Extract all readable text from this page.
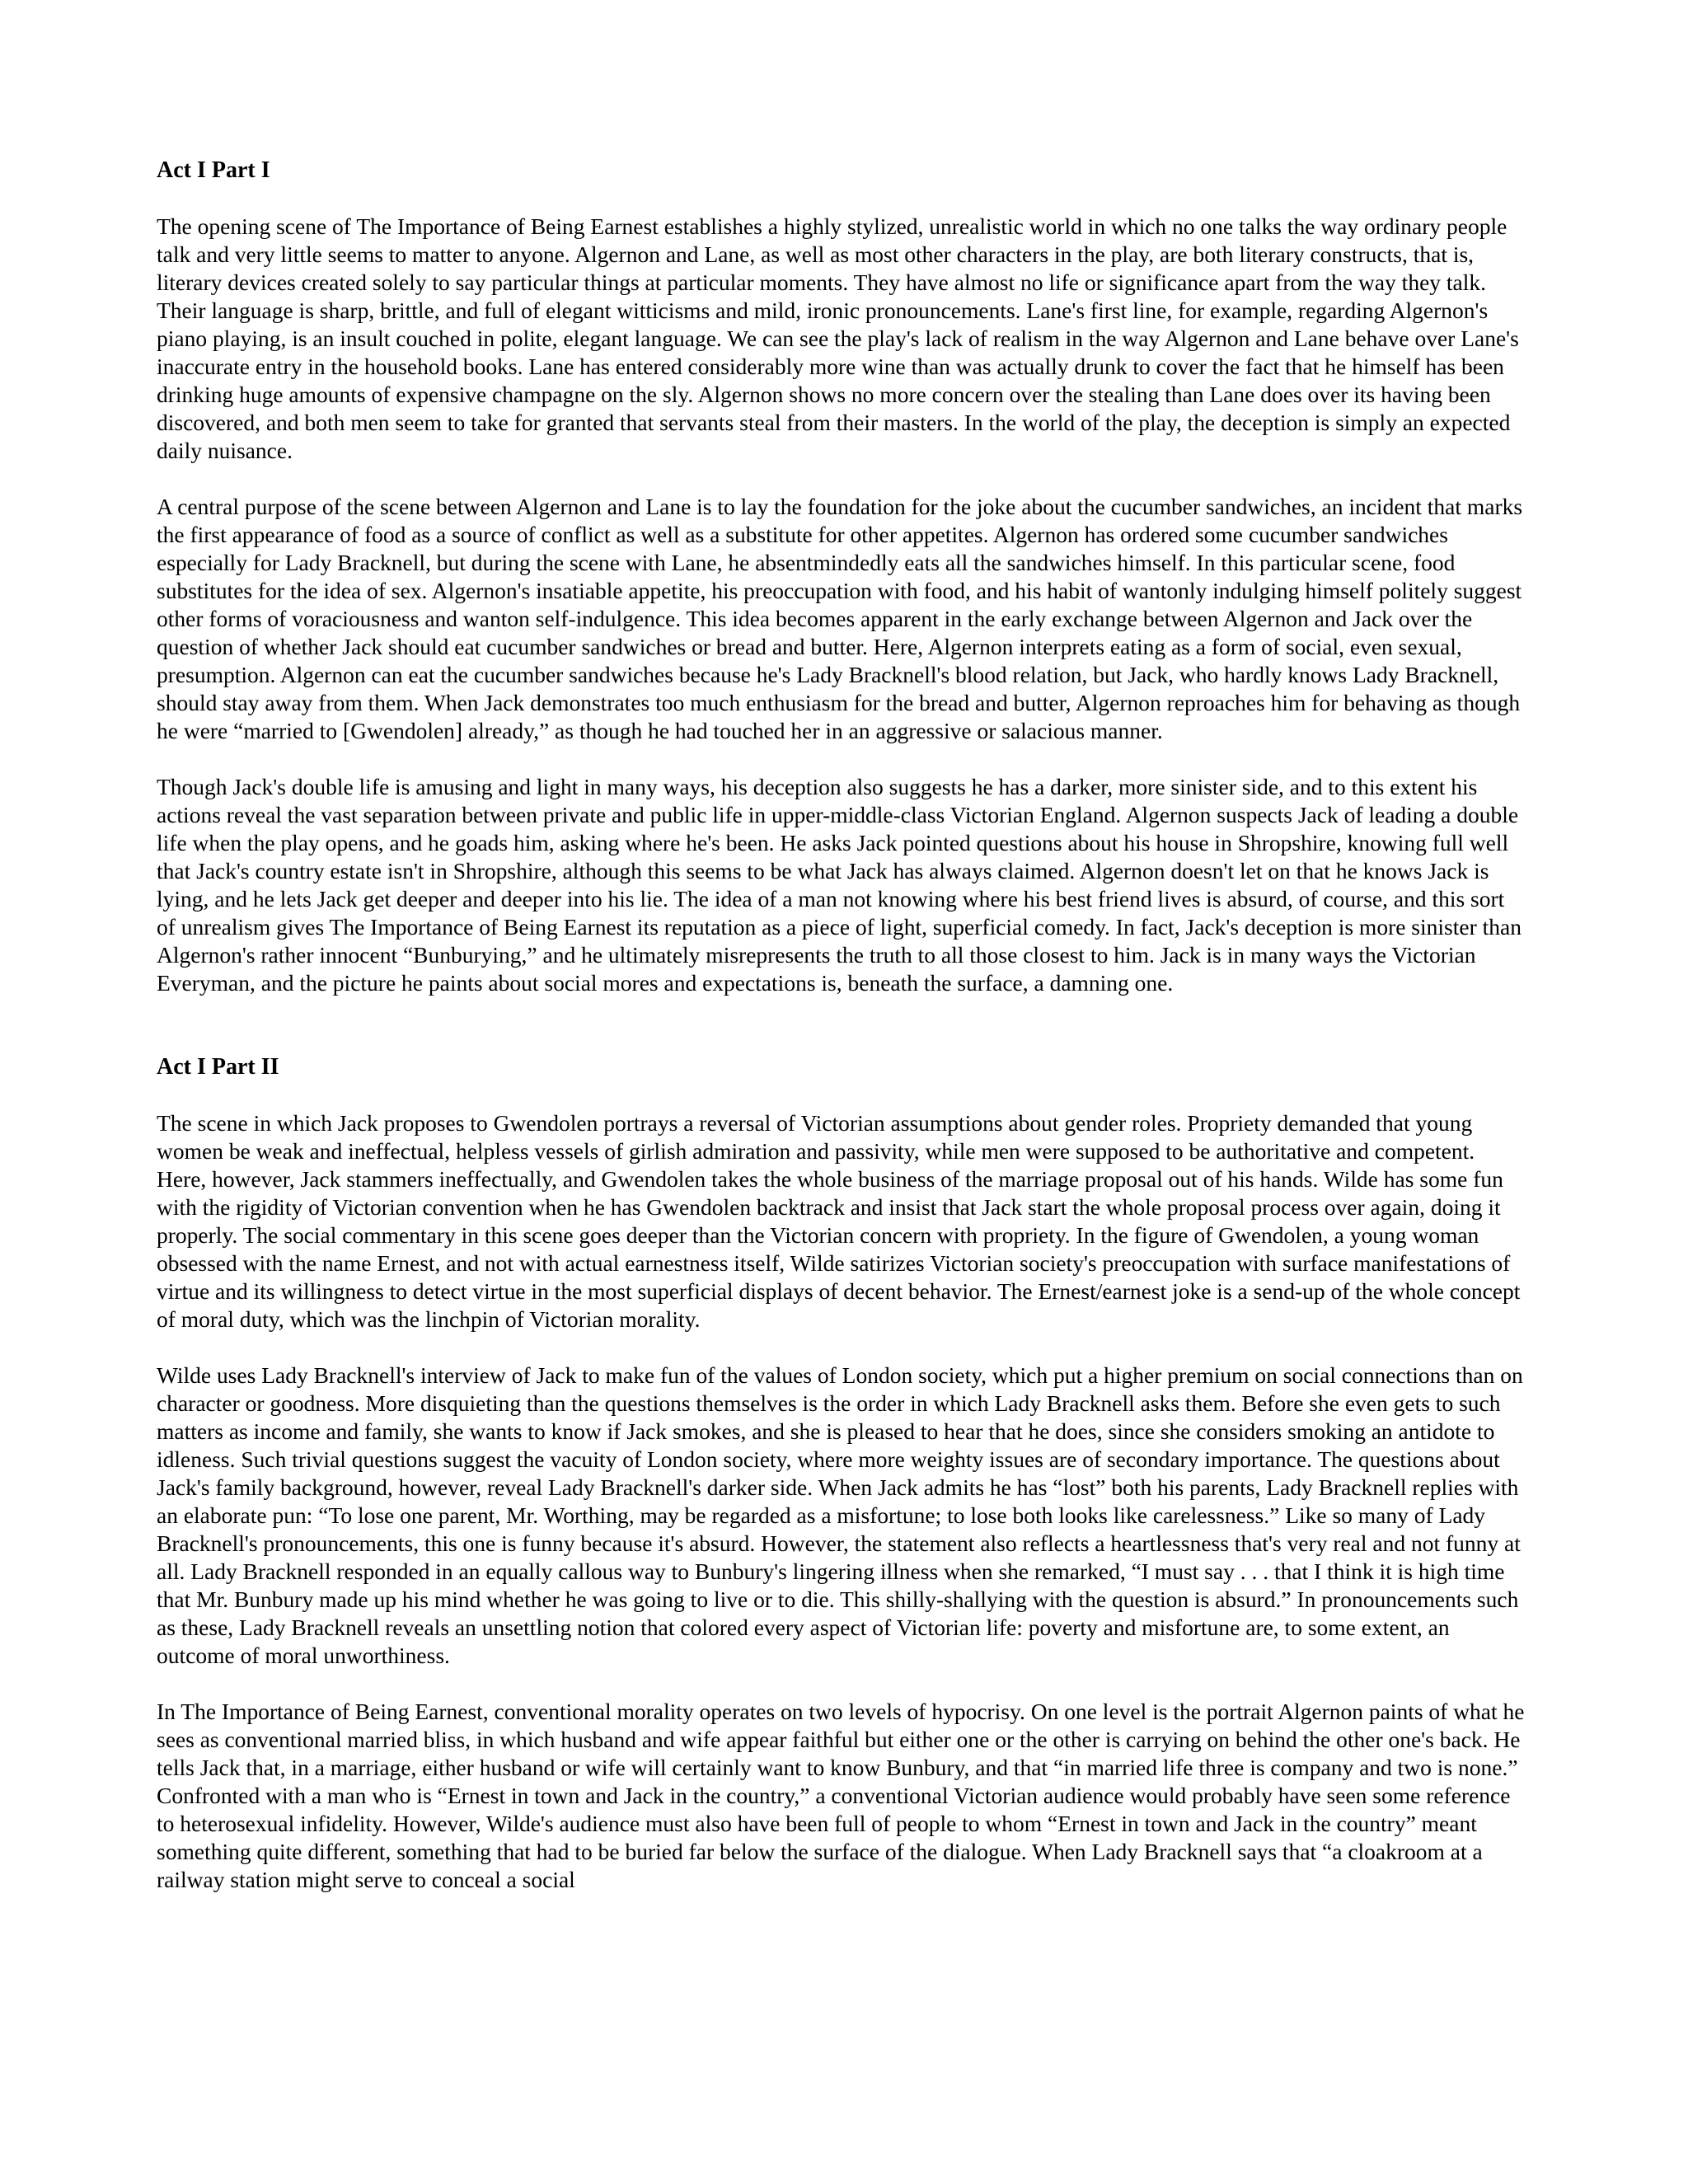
Act I Part I

The opening scene of The Importance of Being Earnest establishes a highly stylized, unrealistic world in which no one talks the way ordinary people talk and very little seems to matter to anyone. Algernon and Lane, as well as most other characters in the play, are both literary constructs, that is, literary devices created solely to say particular things at particular moments. They have almost no life or significance apart from the way they talk. Their language is sharp, brittle, and full of elegant witticisms and mild, ironic pronouncements. Lane's first line, for example, regarding Algernon's piano playing, is an insult couched in polite, elegant language. We can see the play's lack of realism in the way Algernon and Lane behave over Lane's inaccurate entry in the household books. Lane has entered considerably more wine than was actually drunk to cover the fact that he himself has been drinking huge amounts of expensive champagne on the sly. Algernon shows no more concern over the stealing than Lane does over its having been discovered, and both men seem to take for granted that servants steal from their masters. In the world of the play, the deception is simply an expected daily nuisance.

A central purpose of the scene between Algernon and Lane is to lay the foundation for the joke about the cucumber sandwiches, an incident that marks the first appearance of food as a source of conflict as well as a substitute for other appetites. Algernon has ordered some cucumber sandwiches especially for Lady Bracknell, but during the scene with Lane, he absentmindedly eats all the sandwiches himself. In this particular scene, food substitutes for the idea of sex. Algernon's insatiable appetite, his preoccupation with food, and his habit of wantonly indulging himself politely suggest other forms of voraciousness and wanton self-indulgence. This idea becomes apparent in the early exchange between Algernon and Jack over the question of whether Jack should eat cucumber sandwiches or bread and butter. Here, Algernon interprets eating as a form of social, even sexual, presumption. Algernon can eat the cucumber sandwiches because he's Lady Bracknell's blood relation, but Jack, who hardly knows Lady Bracknell, should stay away from them. When Jack demonstrates too much enthusiasm for the bread and butter, Algernon reproaches him for behaving as though he were “married to [Gwendolen] already,” as though he had touched her in an aggressive or salacious manner.

Though Jack's double life is amusing and light in many ways, his deception also suggests he has a darker, more sinister side, and to this extent his actions reveal the vast separation between private and public life in upper-middle-class Victorian England. Algernon suspects Jack of leading a double life when the play opens, and he goads him, asking where he's been. He asks Jack pointed questions about his house in Shropshire, knowing full well that Jack's country estate isn't in Shropshire, although this seems to be what Jack has always claimed. Algernon doesn't let on that he knows Jack is lying, and he lets Jack get deeper and deeper into his lie. The idea of a man not knowing where his best friend lives is absurd, of course, and this sort of unrealism gives The Importance of Being Earnest its reputation as a piece of light, superficial comedy. In fact, Jack's deception is more sinister than Algernon's rather innocent “Bunburying,” and he ultimately misrepresents the truth to all those closest to him. Jack is in many ways the Victorian Everyman, and the picture he paints about social mores and expectations is, beneath the surface, a damning one.

Act I Part II

The scene in which Jack proposes to Gwendolen portrays a reversal of Victorian assumptions about gender roles. Propriety demanded that young women be weak and ineffectual, helpless vessels of girlish admiration and passivity, while men were supposed to be authoritative and competent. Here, however, Jack stammers ineffectually, and Gwendolen takes the whole business of the marriage proposal out of his hands. Wilde has some fun with the rigidity of Victorian convention when he has Gwendolen backtrack and insist that Jack start the whole proposal process over again, doing it properly. The social commentary in this scene goes deeper than the Victorian concern with propriety. In the figure of Gwendolen, a young woman obsessed with the name Ernest, and not with actual earnestness itself, Wilde satirizes Victorian society's preoccupation with surface manifestations of virtue and its willingness to detect virtue in the most superficial displays of decent behavior. The Ernest/earnest joke is a send-up of the whole concept of moral duty, which was the linchpin of Victorian morality.

Wilde uses Lady Bracknell's interview of Jack to make fun of the values of London society, which put a higher premium on social connections than on character or goodness. More disquieting than the questions themselves is the order in which Lady Bracknell asks them. Before she even gets to such matters as income and family, she wants to know if Jack smokes, and she is pleased to hear that he does, since she considers smoking an antidote to idleness. Such trivial questions suggest the vacuity of London society, where more weighty issues are of secondary importance. The questions about Jack's family background, however, reveal Lady Bracknell's darker side. When Jack admits he has “lost” both his parents, Lady Bracknell replies with an elaborate pun: “To lose one parent, Mr. Worthing, may be regarded as a misfortune; to lose both looks like carelessness.” Like so many of Lady Bracknell's pronouncements, this one is funny because it's absurd. However, the statement also reflects a heartlessness that's very real and not funny at all. Lady Bracknell responded in an equally callous way to Bunbury's lingering illness when she remarked, “I must say . . . that I think it is high time that Mr. Bunbury made up his mind whether he was going to live or to die. This shilly-shallying with the question is absurd.” In pronouncements such as these, Lady Bracknell reveals an unsettling notion that colored every aspect of Victorian life: poverty and misfortune are, to some extent, an outcome of moral unworthiness.

In The Importance of Being Earnest, conventional morality operates on two levels of hypocrisy. On one level is the portrait Algernon paints of what he sees as conventional married bliss, in which husband and wife appear faithful but either one or the other is carrying on behind the other one's back. He tells Jack that, in a marriage, either husband or wife will certainly want to know Bunbury, and that “in married life three is company and two is none.” Confronted with a man who is “Ernest in town and Jack in the country,” a conventional Victorian audience would probably have seen some reference to heterosexual infidelity. However, Wilde's audience must also have been full of people to whom “Ernest in town and Jack in the country” meant something quite different, something that had to be buried far below the surface of the dialogue. When Lady Bracknell says that “a cloakroom at a railway station might serve to conceal a social
